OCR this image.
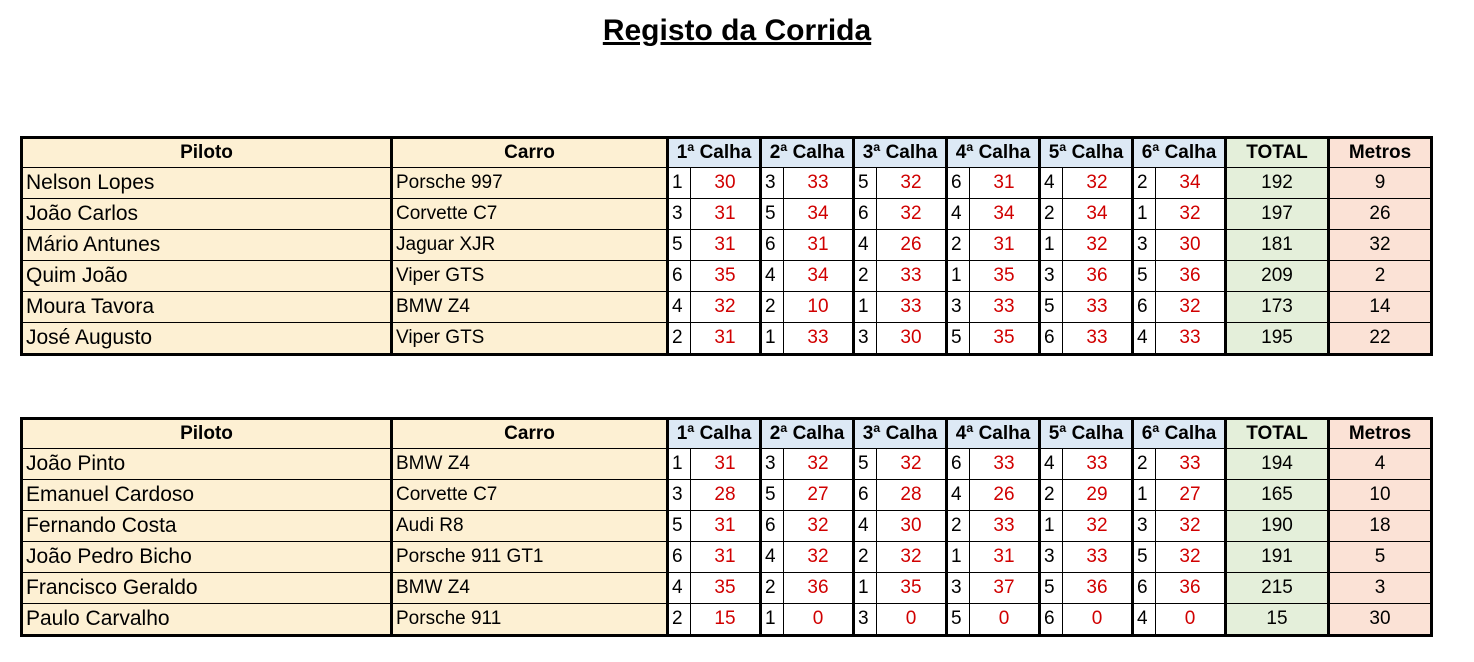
Registo da Corrida
Piloto	Carro	1ª Calha		2ª Calha		3ª Calha		4ª Calha		5ª Calha		6ª Calha		TOTAL	Metros
Nelson Lopes	Porsche 997	1	30	3	33	5	32	6	31	4	32	2	34	192	9
João Carlos	Corvette C7	3	31	5	34	6	32	4	34	2	34	1	32	197	26
Mário Antunes	Jaguar XJR	5	31	6	31	4	26	2	31	1	32	3	30	181	32
Quim João	Viper GTS	6	35	4	34	2	33	1	35	3	36	5	36	209	2
Moura Tavora	BMW Z4	4	32	2	10	1	33	3	33	5	33	6	32	173	14
José Augusto	Viper GTS	2	31	1	33	3	30	5	35	6	33	4	33	195	22
Piloto	Carro	1ª Calha		2ª Calha		3ª Calha		4ª Calha		5ª Calha		6ª Calha		TOTAL	Metros
João Pinto	BMW Z4	1	31	3	32	5	32	6	33	4	33	2	33	194	4
Emanuel Cardoso	Corvette C7	3	28	5	27	6	28	4	26	2	29	1	27	165	10
Fernando Costa	Audi R8	5	31	6	32	4	30	2	33	1	32	3	32	190	18
João Pedro Bicho	Porsche 911 GT1	6	31	4	32	2	32	1	31	3	33	5	32	191	5
Francisco Geraldo	BMW Z4	4	35	2	36	1	35	3	37	5	36	6	36	215	3
Paulo Carvalho	Porsche 911	2	15	1	0	3	0	5	0	6	0	4	0	15	30
